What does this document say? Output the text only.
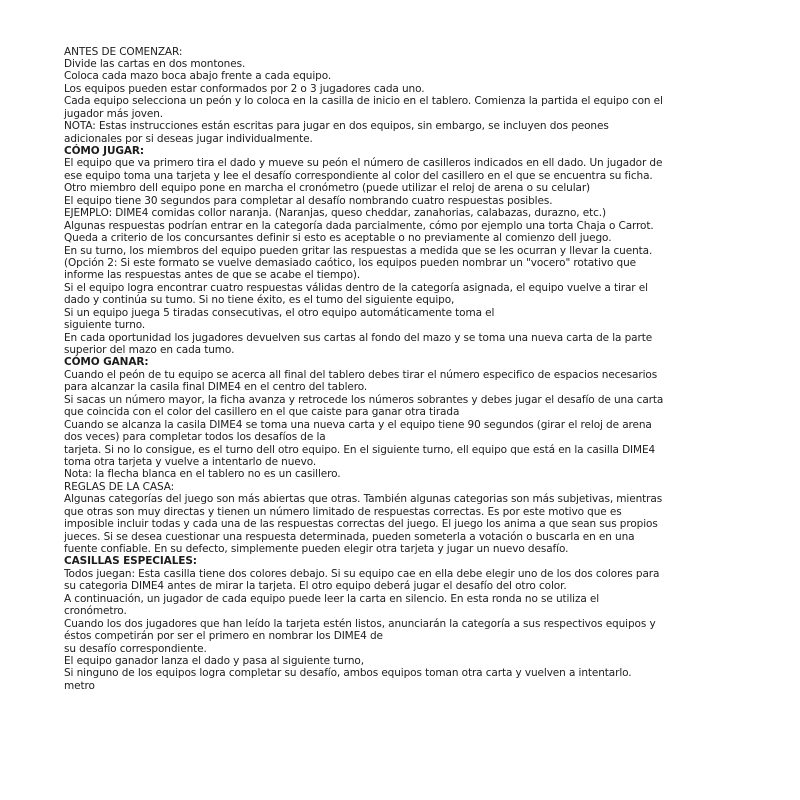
ANTES DE COMENZAR:
Divide las cartas en dos montones.
Coloca cada mazo boca abajo frente a cada equipo.
Los equipos pueden estar conformados por 2 o 3 jugadores cada uno.
Cada equipo selecciona un peón y lo coloca en la casilla de inicio en el tablero. Comienza la partida el equipo con el
jugador más joven.
NOTA: Estas instrucciones están escritas para jugar en dos equipos, sin embargo, se incluyen dos peones
adicionales por si deseas jugar individualmente.
CÓMO JUGAR:
El equipo que va primero tira el dado y mueve su peón el número de casilleros indicados en ell dado. Un jugador de
ese equipo toma una tarjeta y lee el desafío correspondiente al color del casillero en el que se encuentra su ficha.
Otro miembro dell equipo pone en marcha el cronómetro (puede utilizar el reloj de arena o su celular)
El equipo tiene 30 segundos para completar al desafío nombrando cuatro respuestas posibles.
EJEMPLO: DIME4 comidas collor naranja. (Naranjas, queso cheddar, zanahorias, calabazas, durazno, etc.)
Algunas respuestas podrían entrar en la categoría dada parcialmente, cómo por ejemplo una torta Chaja o Carrot.
Queda a criterio de los concursantes definir si esto es aceptable o no previamente al comienzo dell juego.
En su turno, los miembros del equipo pueden gritar las respuestas a medida que se les ocurran y llevar la cuenta.
(Opción 2: Si este formato se vuelve demasiado caótico, los equipos pueden nombrar un "vocero" rotativo que
informe las respuestas antes de que se acabe el tiempo).
Si el equipo logra encontrar cuatro respuestas válidas dentro de la categoría asignada, el equipo vuelve a tirar el
dado y continúa su tumo. Si no tiene éxito, es el tumo del siguiente equipo,
Si un equipo juega 5 tiradas consecutivas, el otro equipo automáticamente toma el
siguiente turno.
En cada oportunidad los jugadores devuelven sus cartas al fondo del mazo y se toma una nueva carta de la parte
superior del mazo en cada tumo.
CÓMO GANAR:
Cuando el peón de tu equipo se acerca all final del tablero debes tirar el número especifico de espacios necesarios
para alcanzar la casila final DIME4 en el centro del tablero.
Si sacas un número mayor, la ficha avanza y retrocede los números sobrantes y debes jugar el desafío de una carta
que coincida con el color del casillero en el que caiste para ganar otra tirada
Cuando se alcanza la casila DIME4 se toma una nueva carta y el equipo tiene 90 segundos (girar el reloj de arena
dos veces) para completar todos los desafíos de la
tarjeta. Si no lo consigue, es el turno dell otro equipo. En el siguiente turno, ell equipo que está en la casilla DIME4
toma otra tarjeta y vuelve a intentarlo de nuevo.
Nota: la flecha blanca en el tablero no es un casillero.
REGLAS DE LA CASA:
Algunas categorías del juego son más abiertas que otras. También algunas categorias son más subjetivas, mientras
que otras son muy directas y tienen un número limitado de respuestas correctas. Es por este motivo que es
imposible incluir todas y cada una de las respuestas correctas del juego. El juego los anima a que sean sus propios
jueces. Si se desea cuestionar una respuesta determinada, pueden someterla a votación o buscarla en en una
fuente confiable. En su defecto, simplemente pueden elegir otra tarjeta y jugar un nuevo desafío.
CASILLAS ESPECIALES:
Todos juegan: Esta casilla tiene dos colores debajo. Si su equipo cae en ella debe elegir uno de los dos colores para
su categoria DIME4 antes de mirar la tarjeta. El otro equipo deberá jugar el desafío del otro color.
A continuación, un jugador de cada equipo puede leer la carta en silencio. En esta ronda no se utiliza el
cronómetro.
Cuando los dos jugadores que han leído la tarjeta estén listos, anunciarán la categoría a sus respectivos equipos y
éstos competirán por ser el primero en nombrar los DIME4 de
su desafío correspondiente.
El equipo ganador lanza el dado y pasa al siguiente turno,
Si ninguno de los equipos logra completar su desafío, ambos equipos toman otra carta y vuelven a intentarlo.
metro
